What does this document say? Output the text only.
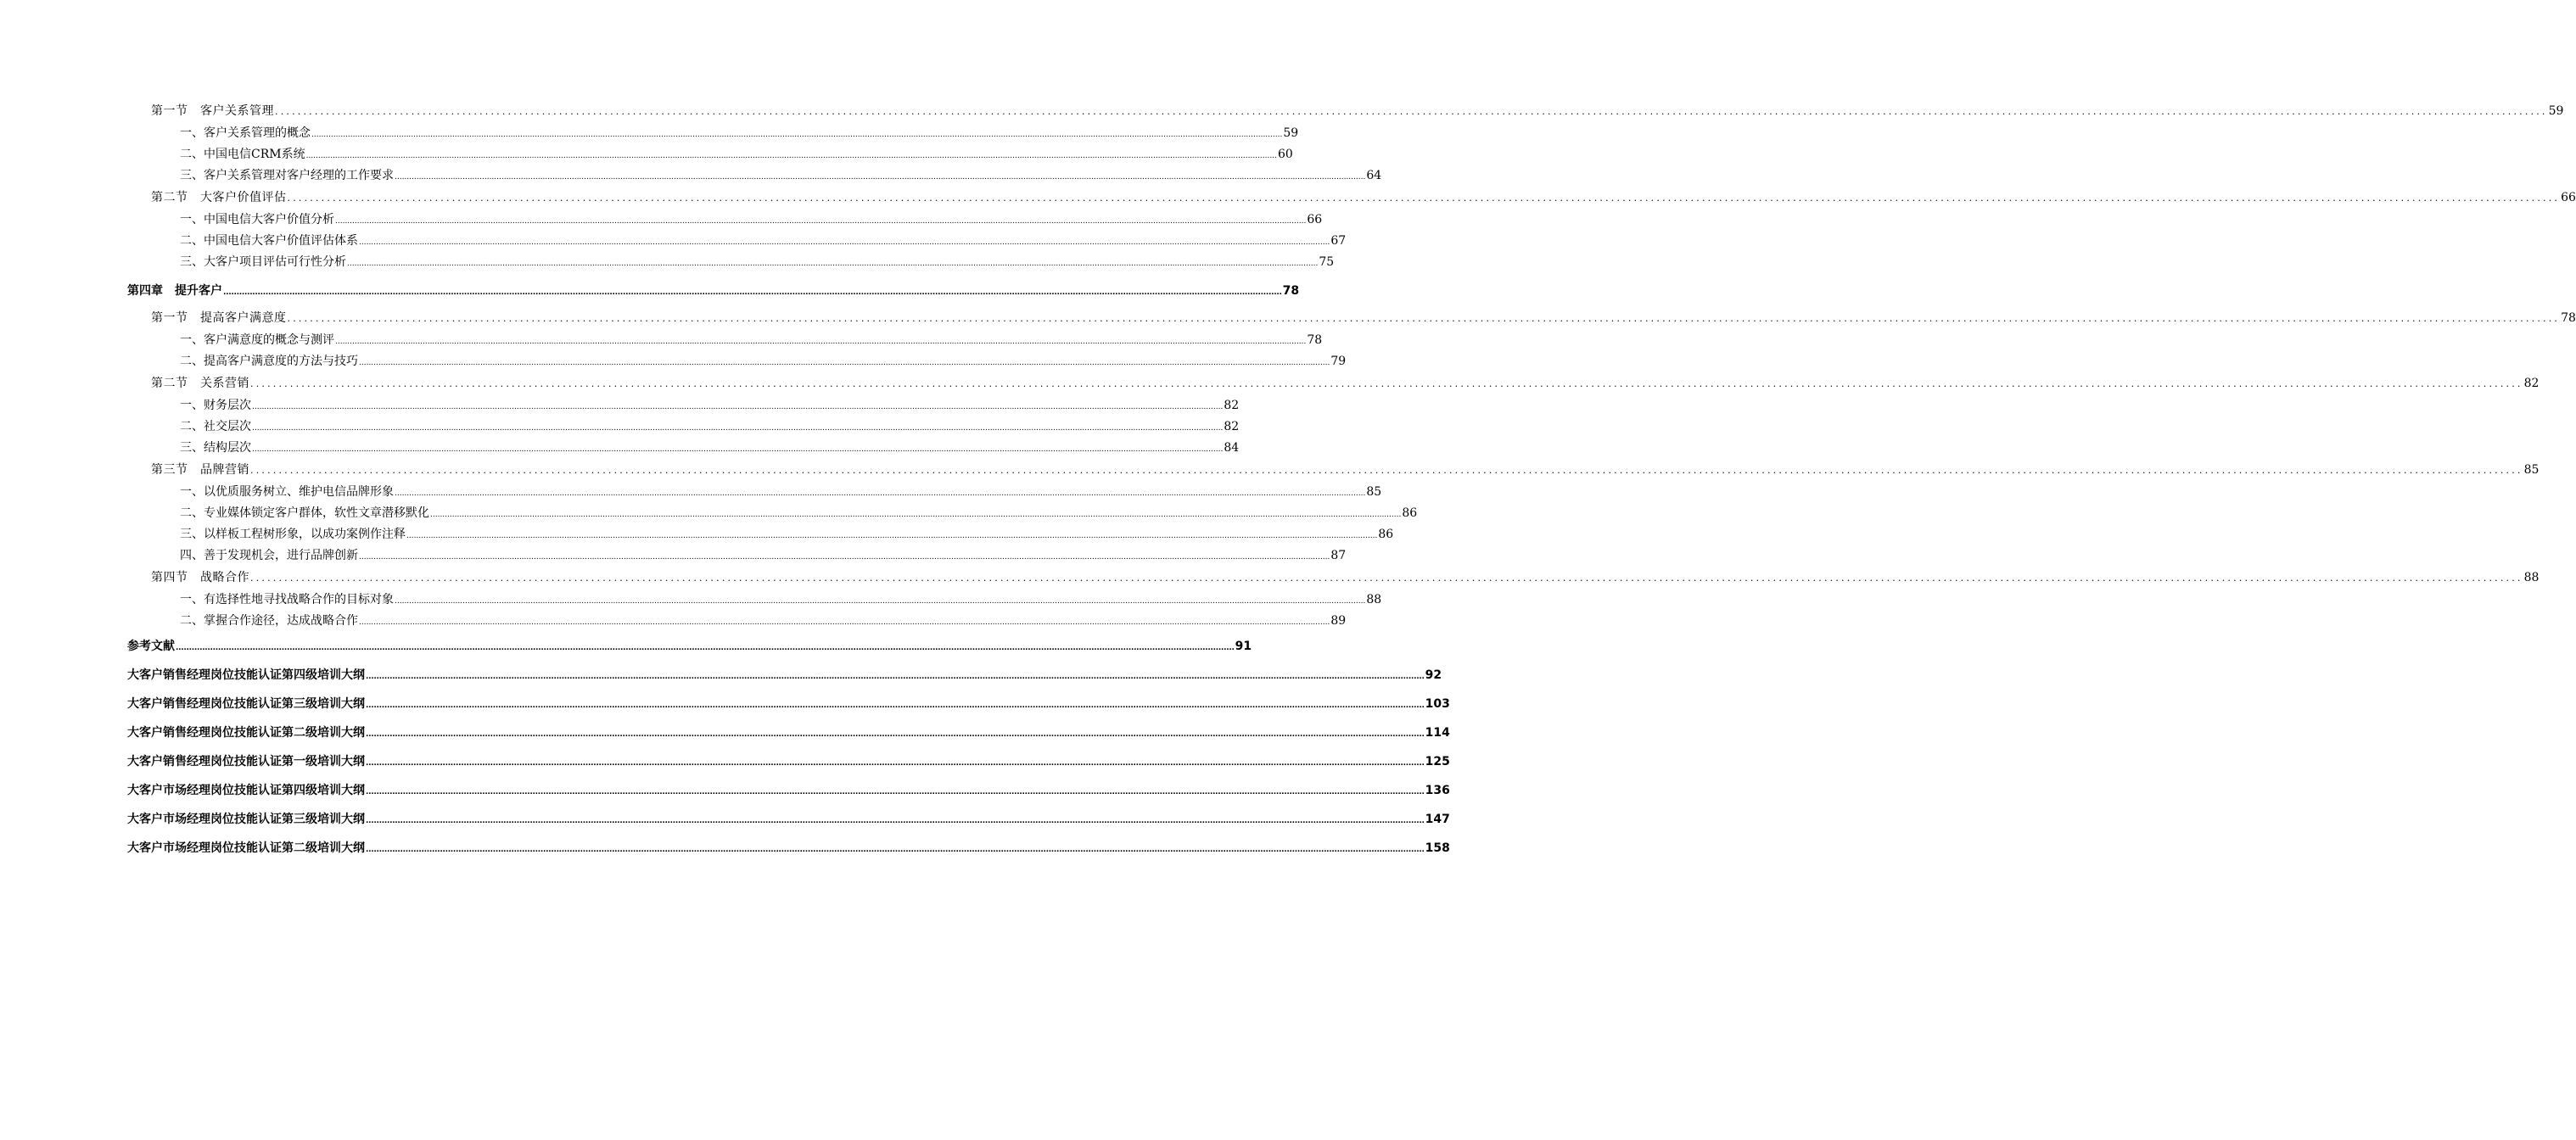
第一节　客户关系管理 ................................................................................................................................................................................................................................................................................................................................................................................................................ 59
一、客户关系管理的概念 ................................................................................................................................................................................................................................................................................................................................................................................................................ 59
二、中国电信CRM系统 ................................................................................................................................................................................................................................................................................................................................................................................................................ 60
三、客户关系管理对客户经理的工作要求 ................................................................................................................................................................................................................................................................................................................................................................................................................ 64
第二节　大客户价值评估 ................................................................................................................................................................................................................................................................................................................................................................................................................ 66
一、中国电信大客户价值分析 ................................................................................................................................................................................................................................................................................................................................................................................................................ 66
二、中国电信大客户价值评估体系 ................................................................................................................................................................................................................................................................................................................................................................................................................ 67
三、大客户项目评估可行性分析 ................................................................................................................................................................................................................................................................................................................................................................................................................ 75
第四章　提升客户 ................................................................................................................................................................................................................................................................................................................................................................................................................ 78
第一节　提高客户满意度 ................................................................................................................................................................................................................................................................................................................................................................................................................ 78
一、客户满意度的概念与测评 ................................................................................................................................................................................................................................................................................................................................................................................................................ 78
二、提高客户满意度的方法与技巧 ................................................................................................................................................................................................................................................................................................................................................................................................................ 79
第二节　关系营销 ................................................................................................................................................................................................................................................................................................................................................................................................................ 82
一、财务层次 ................................................................................................................................................................................................................................................................................................................................................................................................................ 82
二、社交层次 ................................................................................................................................................................................................................................................................................................................................................................................................................ 82
三、结构层次 ................................................................................................................................................................................................................................................................................................................................................................................................................ 84
第三节　品牌营销 ................................................................................................................................................................................................................................................................................................................................................................................................................ 85
一、以优质服务树立、维护电信品牌形象 ................................................................................................................................................................................................................................................................................................................................................................................................................ 85
二、专业媒体锁定客户群体，软性文章潜移默化 ................................................................................................................................................................................................................................................................................................................................................................................................................ 86
三、以样板工程树形象，以成功案例作注释 ................................................................................................................................................................................................................................................................................................................................................................................................................ 86
四、善于发现机会，进行品牌创新 ................................................................................................................................................................................................................................................................................................................................................................................................................ 87
第四节　战略合作 ................................................................................................................................................................................................................................................................................................................................................................................................................ 88
一、有选择性地寻找战略合作的目标对象 ................................................................................................................................................................................................................................................................................................................................................................................................................ 88
二、掌握合作途径，达成战略合作 ................................................................................................................................................................................................................................................................................................................................................................................................................ 89
参考文献 ................................................................................................................................................................................................................................................................................................................................................................................................................ 91
大客户销售经理岗位技能认证第四级培训大纲 ................................................................................................................................................................................................................................................................................................................................................................................................................ 92
大客户销售经理岗位技能认证第三级培训大纲 ................................................................................................................................................................................................................................................................................................................................................................................................................ 103
大客户销售经理岗位技能认证第二级培训大纲 ................................................................................................................................................................................................................................................................................................................................................................................................................ 114
大客户销售经理岗位技能认证第一级培训大纲 ................................................................................................................................................................................................................................................................................................................................................................................................................ 125
大客户市场经理岗位技能认证第四级培训大纲 ................................................................................................................................................................................................................................................................................................................................................................................................................ 136
大客户市场经理岗位技能认证第三级培训大纲 ................................................................................................................................................................................................................................................................................................................................................................................................................ 147
大客户市场经理岗位技能认证第二级培训大纲 ................................................................................................................................................................................................................................................................................................................................................................................................................ 158
